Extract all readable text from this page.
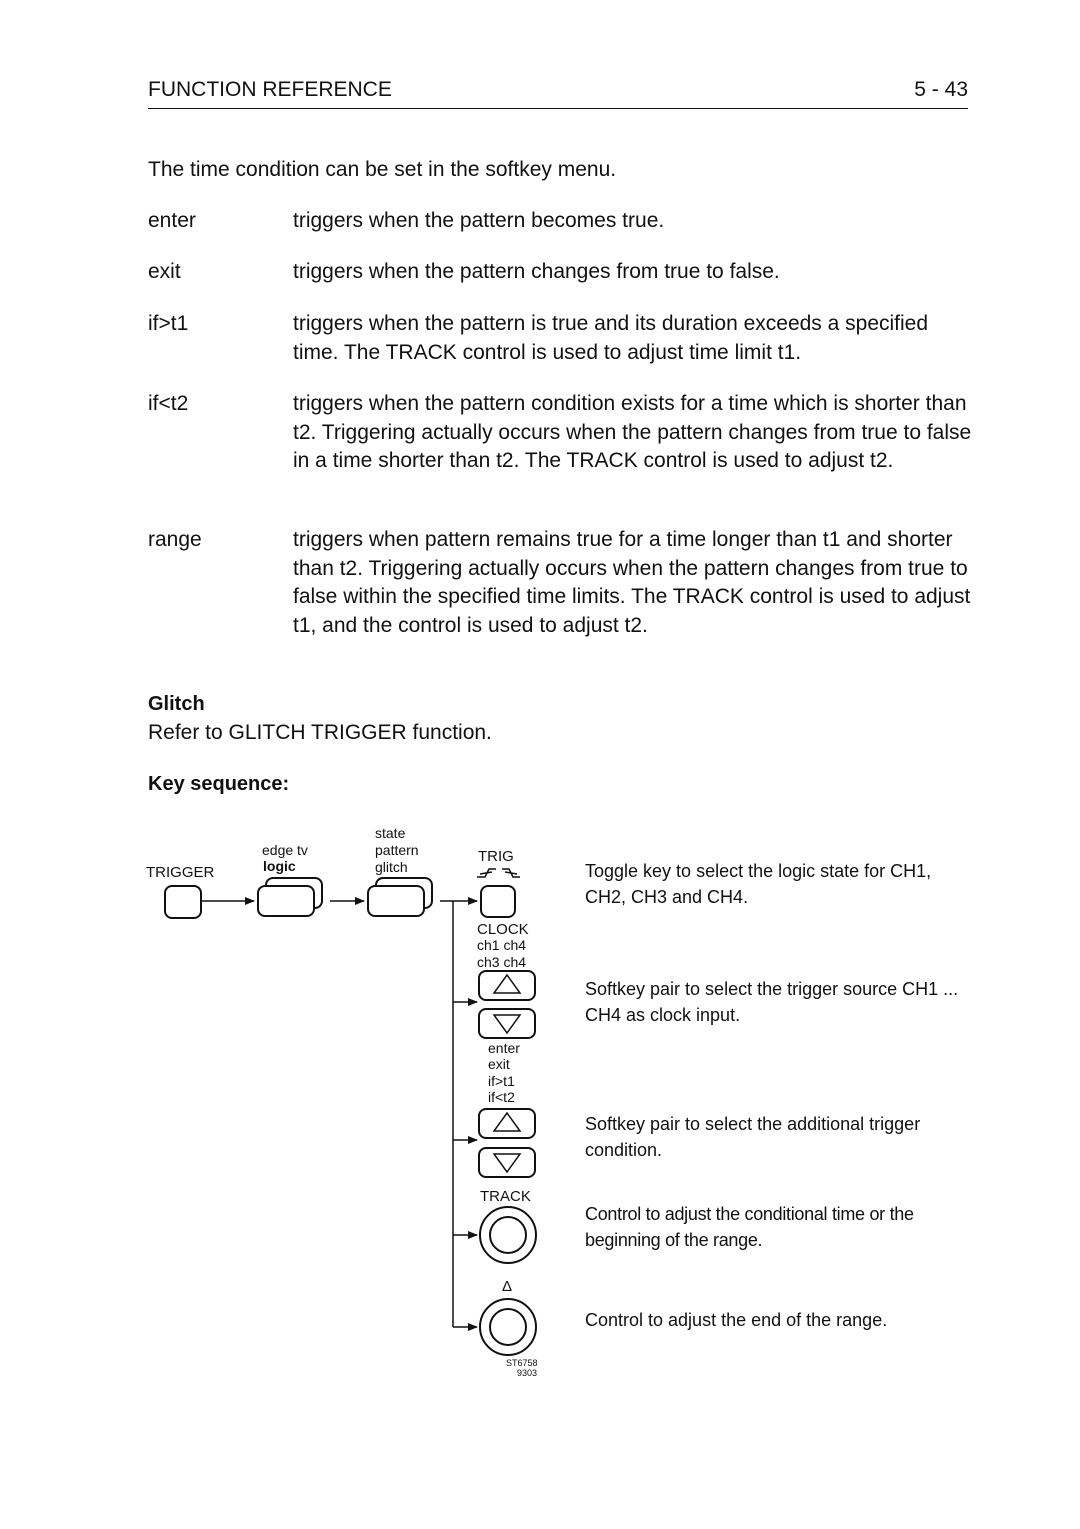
FUNCTION REFERENCE	5 - 43
The time condition can be set in the softkey menu.
enter	triggers when the pattern becomes true.
exit	triggers when the pattern changes from true to false.
if>t1	triggers when the pattern is true and its duration exceeds a specified time. The TRACK control is used to adjust time limit t1.
if<t2	triggers when the pattern condition exists for a time which is shorter than t2. Triggering actually occurs when the pattern changes from true to false in a time shorter than t2. The TRACK control is used to adjust t2.
range	triggers when pattern remains true for a time longer than t1 and shorter than t2. Triggering actually occurs when the pattern changes from true to false within the specified time limits. The TRACK control is used to adjust t1, and the control is used to adjust t2.
Glitch
Refer to GLITCH TRIGGER function.
Key sequence:
TRIGGER
edge tv
logic
state
pattern
glitch
TRIG
CLOCK
ch1 ch4
ch3 ch4
enter
exit
if>t1
if<t2
TRACK
Δ
ST6758
9303
Toggle key to select the logic state for CH1, CH2, CH3 and CH4.
Softkey pair to select the trigger source CH1 ... CH4 as clock input.
Softkey pair to select the additional trigger condition.
Control to adjust the conditional time or the beginning of the range.
Control to adjust the end of the range.
